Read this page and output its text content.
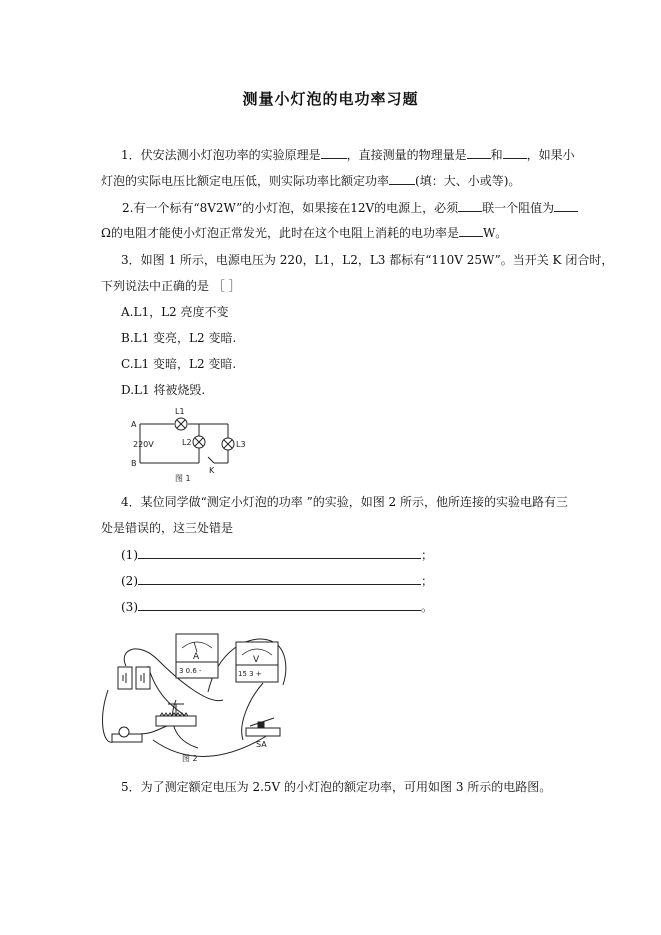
测量小灯泡的电功率习题
1．伏安法测小灯泡功率的实验原理是 ，直接测量的物理量是 和 ，如果小
灯泡的实际电压比额定电压低，则实际功率比额定功率 (填：大、小或等)。
2.有一个标有“8V2W”的小灯泡，如果接在12V的电源上，必须 联一个阻值为
Ω的电阻才能使小灯泡正常发光，此时在这个电阻上消耗的电功率是 W。
3．如图 1 所示，电源电压为 220，L1，L2，L3 都标有“110V 25W”。当开关 K 闭合时，
下列说法中正确的是 ［ ］
A.L1，L2 亮度不变
B.L1 变亮，L2 变暗.
C.L1 变暗，L2 变暗.
D.L1 将被烧毁.
A
B
220V
L1
L2	L3
K
图 1
4．某位同学做“测定小灯泡的功率 ”的实验，如图 2 所示，他所连接的实验电路有三
处是错误的，这三处错是
(1)	；
(2)	；
(3)	。
A
3 0.6 -
V
15 3 +
SA
图 2
5．为了测定额定电压为 2.5V 的小灯泡的额定功率，可用如图 3 所示的电路图。
